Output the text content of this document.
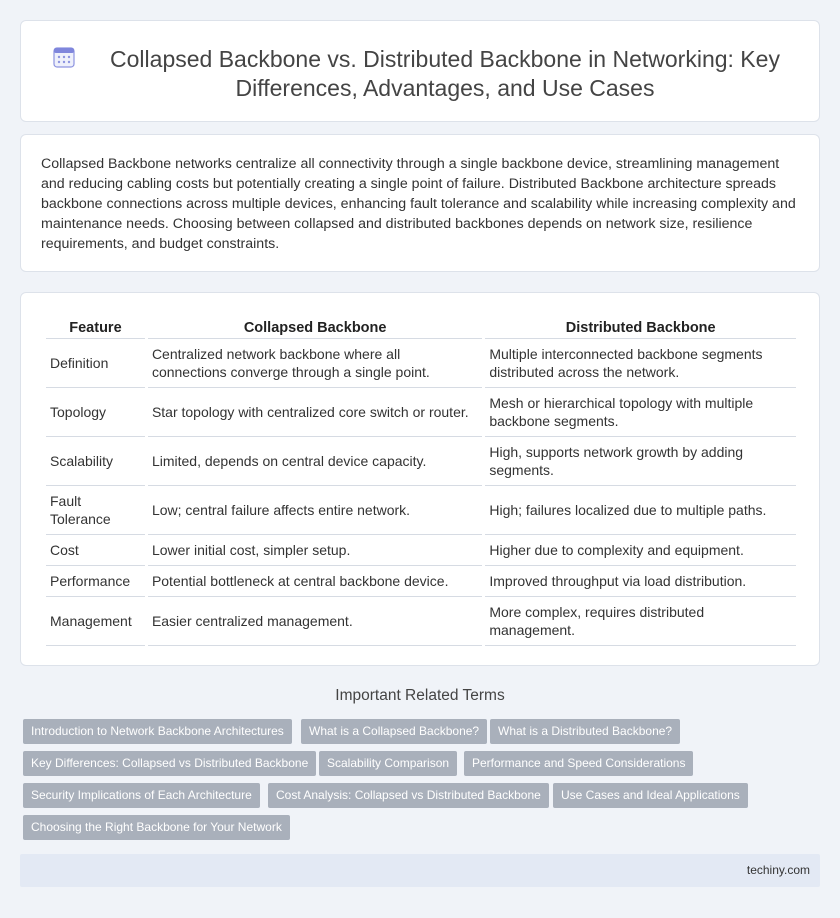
Collapsed Backbone vs. Distributed Backbone in Networking: Key Differences, Advantages, and Use Cases

Collapsed Backbone networks centralize all connectivity through a single backbone device, streamlining management and reducing cabling costs but potentially creating a single point of failure. Distributed Backbone architecture spreads backbone connections across multiple devices, enhancing fault tolerance and scalability while increasing complexity and maintenance needs. Choosing between collapsed and distributed backbones depends on network size, resilience requirements, and budget constraints.

Feature	Collapsed Backbone	Distributed Backbone
Definition	Centralized network backbone where all connections converge through a single point.	Multiple interconnected backbone segments distributed across the network.
Topology	Star topology with centralized core switch or router.	Mesh or hierarchical topology with multiple backbone segments.
Scalability	Limited, depends on central device capacity.	High, supports network growth by adding segments.
Fault Tolerance	Low; central failure affects entire network.	High; failures localized due to multiple paths.
Cost	Lower initial cost, simpler setup.	Higher due to complexity and equipment.
Performance	Potential bottleneck at central backbone device.	Improved throughput via load distribution.
Management	Easier centralized management.	More complex, requires distributed management.
Important Related Terms
Introduction to Network Backbone Architectures	What is a Collapsed Backbone?	What is a Distributed Backbone?
Key Differences: Collapsed vs Distributed Backbone	Scalability Comparison	Performance and Speed Considerations
Security Implications of Each Architecture	Cost Analysis: Collapsed vs Distributed Backbone	Use Cases and Ideal Applications
Choosing the Right Backbone for Your Network
techiny.com
